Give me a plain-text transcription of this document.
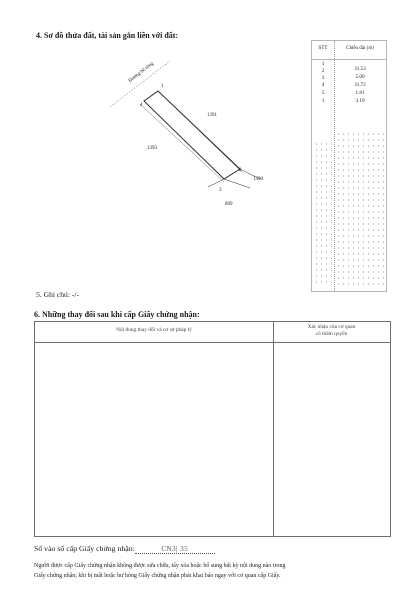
4. Sơ đồ thửa đất, tài sản gắn liền với đất:
Đường bê tông
1391
1393
1390
809
1
2
3
4
STT	Chiều dài (m)
1
2	31.53
3	5.00
4	31.72
5	1.81
1	3.19
5. Ghi chú: -/-
6. Những thay đổi sau khi cấp Giấy chứng nhận:
Nội dung thay đổi và cơ sở pháp lý	Xác nhận của cơ quan
có thẩm quyền
Số vào sổ cấp Giấy chứng nhận:	CN3| 35
Người được cấp Giấy chứng nhận không được sửa chữa, tẩy xóa hoặc bổ sung bất kỳ nội dung nào trong
Giấy chứng nhận; khi bị mất hoặc hư hỏng Giấy chứng nhận phải khai báo ngay với cơ quan cấp Giấy.
